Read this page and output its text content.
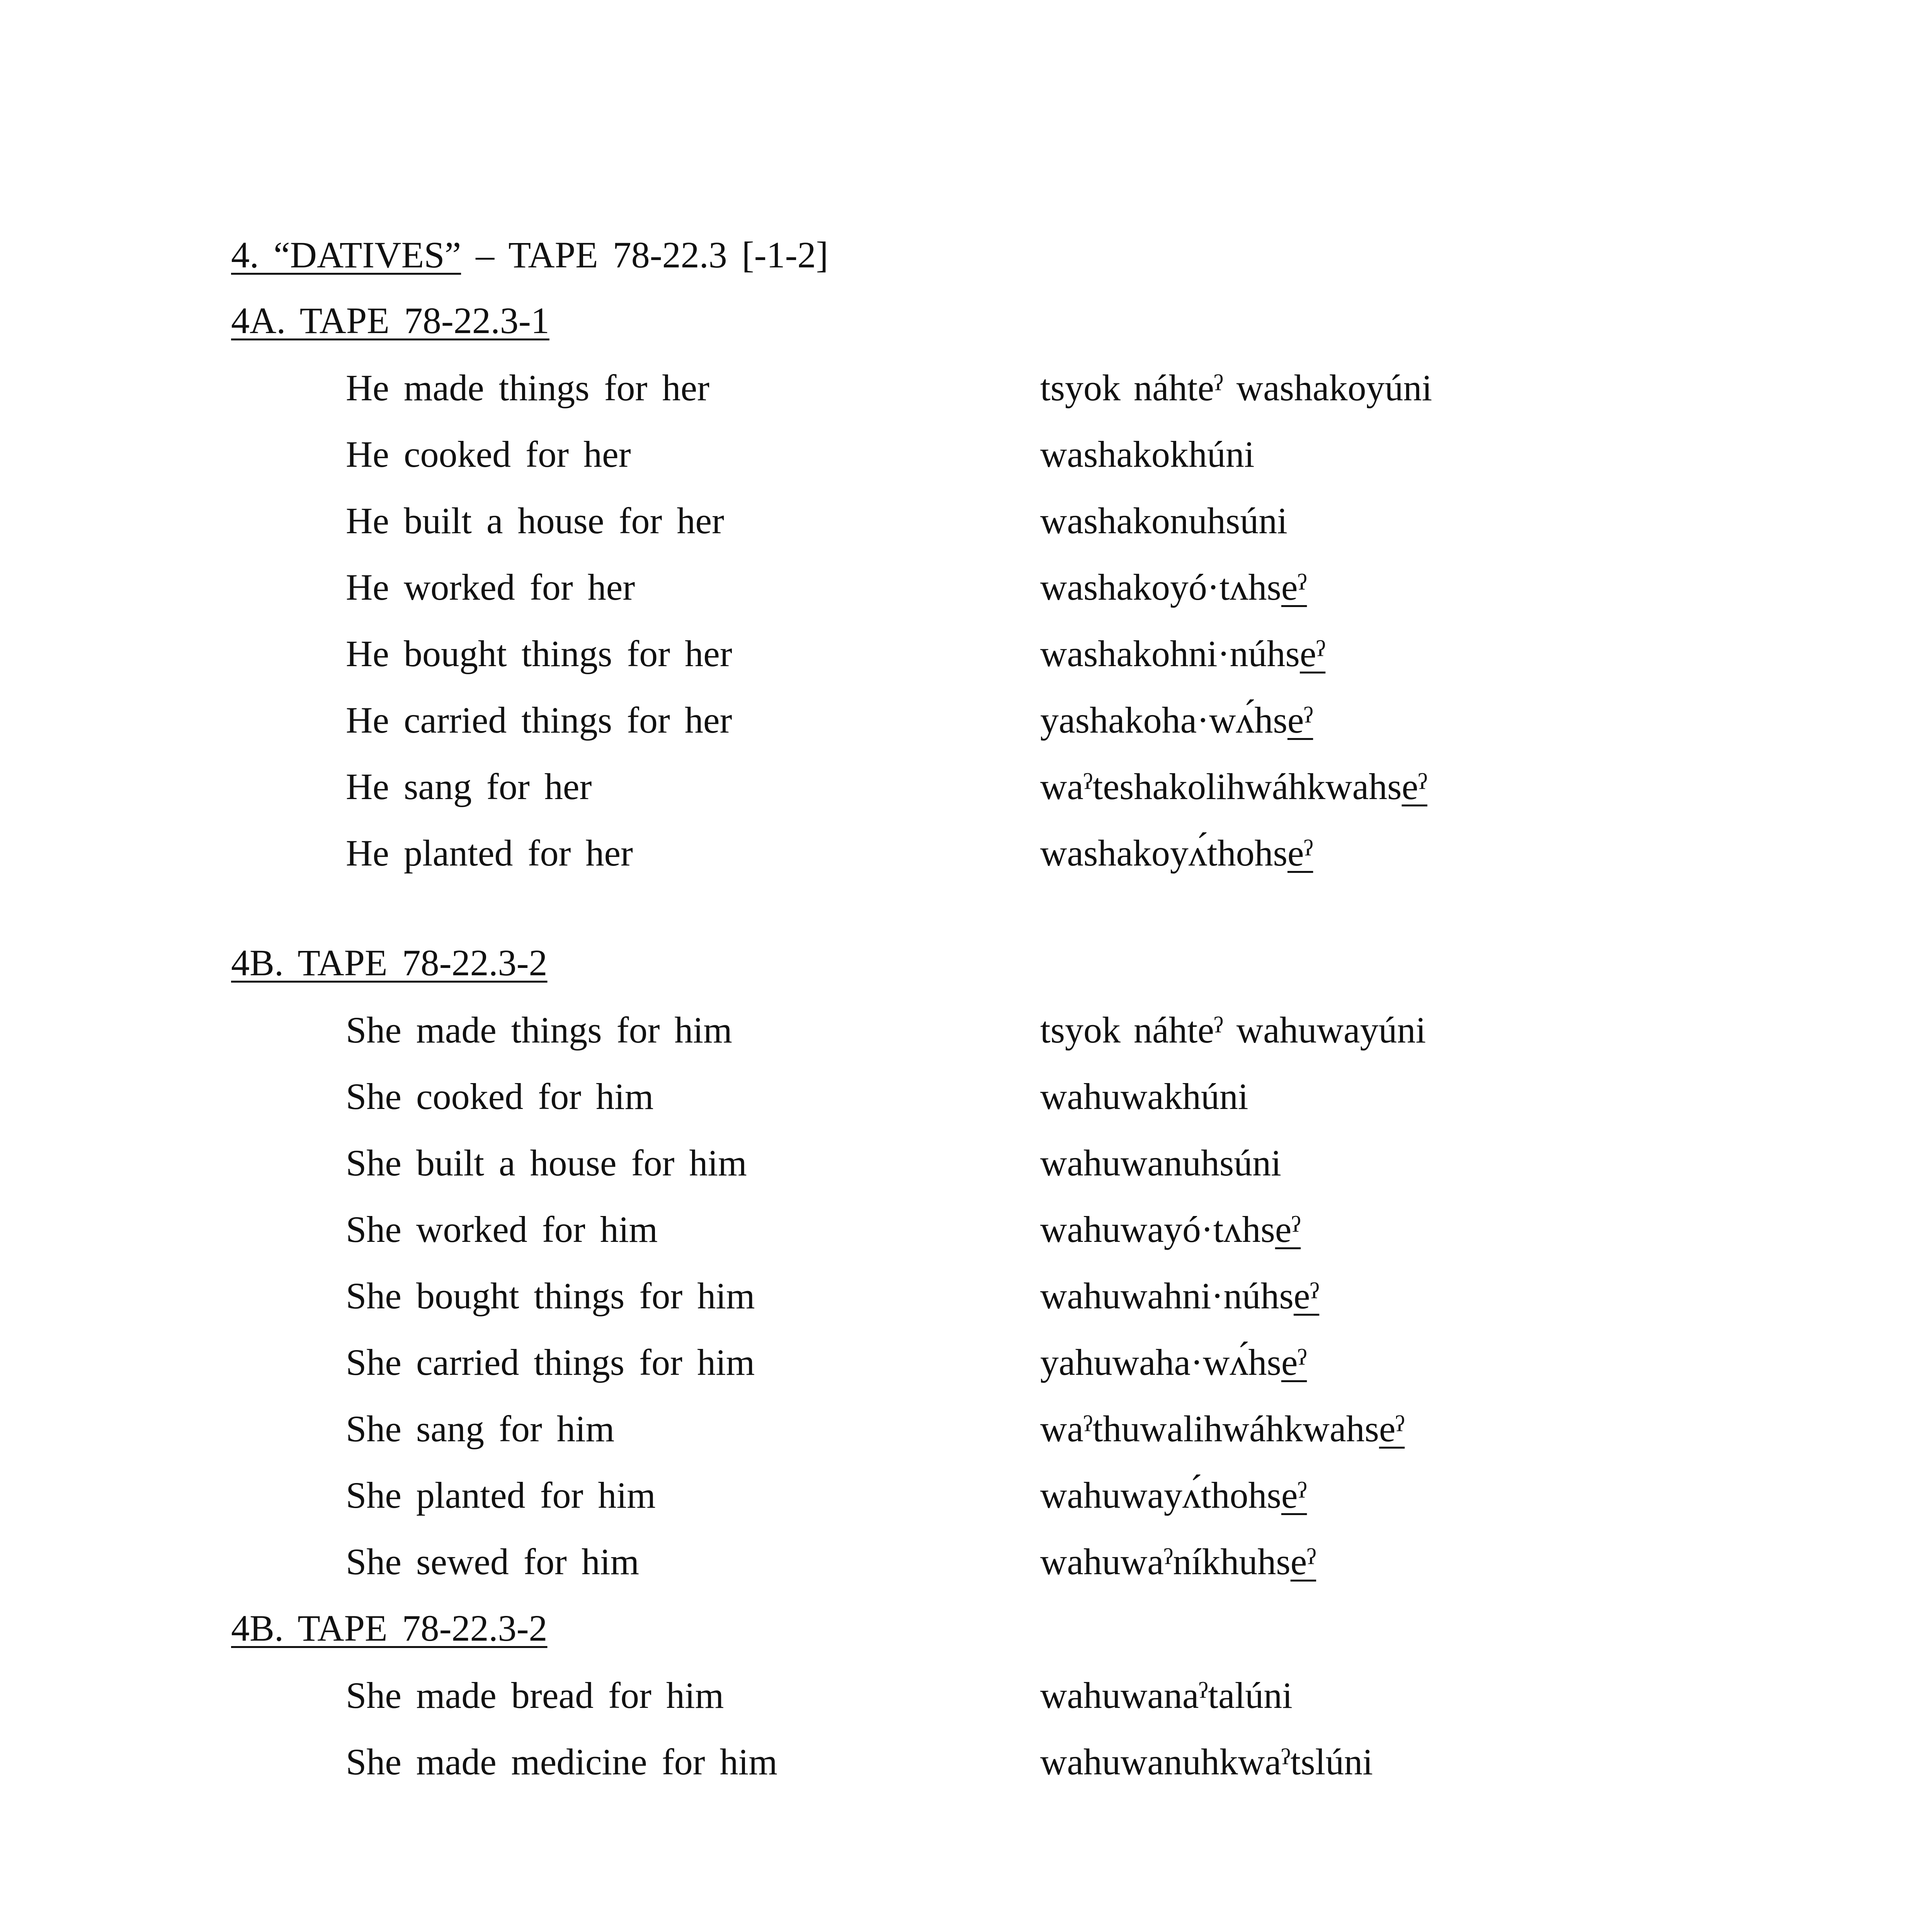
4. “DATIVES” – TAPE 78-22.3 [-1-2]
4A. TAPE 78-22.3-1
He made things for her	tsyok náhteˀ washakoyúni
He cooked for her	washakokhúni
He built a house for her	washakonuhsúni
He worked for her	washakoyó·tʌhseˀ
He bought things for her	washakohni·núhseˀ
He carried things for her	yashakoha·wʌ́hseˀ
He sang for her	waˀteshakolihwáhkwahseˀ
He planted for her	washakoyʌ́thohseˀ
4B. TAPE 78-22.3-2
She made things for him	tsyok náhteˀ wahuwayúni
She cooked for him	wahuwakhúni
She built a house for him	wahuwanuhsúni
She worked for him	wahuwayó·tʌhseˀ
She bought things for him	wahuwahni·núhseˀ
She carried things for him	yahuwaha·wʌ́hseˀ
She sang for him	waˀthuwalihwáhkwahseˀ
She planted for him	wahuwayʌ́thohseˀ
She sewed for him	wahuwaˀníkhuhseˀ
4B. TAPE 78-22.3-2
She made bread for him	wahuwanaˀtalúni
She made medicine for him	wahuwanuhkwaˀtslúni
